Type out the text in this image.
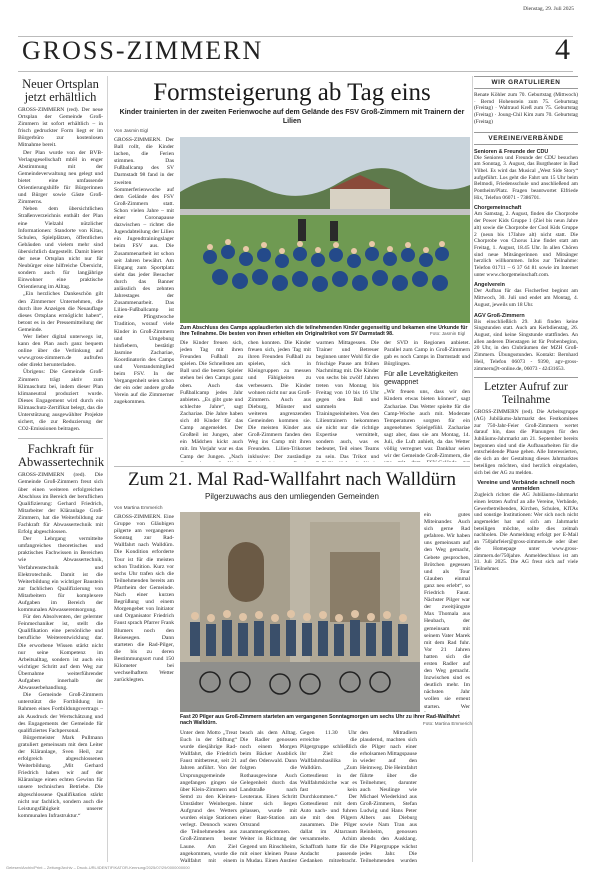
Dienstag, 29. Juli 2025
GROSS-ZIMMERN	4
Neuer Ortsplan jetzt erhältlich
GROSS-ZIMMERN (red). Der neue Ortsplan der Gemeinde Groß-Zimmern ist sofort erhältlich – in frisch gedruckter Form liegt er im Bürgerbüro zur kostenlosen Mitnahme bereit.
Der Plan wurde von der BVB-Verlagsgesellschaft mbH in enger Abstimmung mit der Gemeindeverwaltung neu gelegt und bietet eine umfassende Orientierungshilfe für Bürgerinnen und Bürger sowie Gäste Groß-Zimmerns.
Neben dem übersichtlichen Straßenverzeichnis enthält der Plan eine Vielzahl nützlicher Informationen: Standorte von Kitas, Schulen, Spielplätzen, öffentlichen Gebäuden und vielem mehr sind übersichtlich dargestellt. Damit bietet der neue Ortsplan nicht nur für Neubürger eine hilfreiche Übersicht, sondern auch für langjährige Einwohner eine praktische Orientierung im Alltag.
„Ein herzliches Dankeschön gilt den Zimmerner Unternehmen, die durch ihre Anzeigen die Neuauflage dieses Ortsplans ermöglicht haben“, betont es in der Pressemitteilung der Gemeinde.
Wer lieber digital unterwegs ist, kann den Plan auch ganz bequem online über die Verlinkung auf www.gross-zimmern.de aufrufen oder direkt herunterladen.
Übrigens: Die Gemeinde Groß-Zimmern trägt aktiv zum Klimaschutz bei, indem dieser Plan klimaneutral produziert wurde. Dieses Engagement wird durch ein Klimaschutz-Zertifikat belegt, das die Unterstützung ausgewählter Projekte sichert, die zur Reduzierung der CO2-Emissionen beitragen.
Fachkraft für Abwassertechnik
GROSS-ZIMMERN (red). Die Gemeinde Groß-Zimmern freut sich über einen weiteren erfolgreichen Abschluss im Bereich der beruflichen Qualifizierung: Gerhard Friedrich, Mitarbeiter der Kläranlage Groß-Zimmern, hat die Weiterbildung zur Fachkraft für Abwassertechnik mit Erfolg abgeschlossen.
Der Lehrgang vermittelte umfangreiches theoretisches und praktisches Fachwissen in Bereichen wie Abwassertechnik, Verfahrenstechnik und Elektrotechnik. Damit ist die Weiterbildung ein wichtiger Baustein zur fachlichen Qualifizierung von Mitarbeitern für komplexere Aufgaben im Bereich der kommunalen Abwasserentsorgung.
Für den Absolventen, der gelernter Feinmechaniker ist, stellt die Qualifikation eine persönliche und berufliche Weiterentwicklung dar. Die erworbene Wissen stärkt nicht nur seine Kompetenz im Arbeitsalltag, sondern ist auch ein wichtiger Schritt auf dem Weg zur Übernahme weiterführender Aufgaben innerhalb der Abwasserbehandlung.
Die Gemeinde Groß-Zimmern unterstützt die Fortbildung im Rahmen eines Fortbildungsvertrags – als Ausdruck der Wertschätzung und des Engagements der Gemeinde für qualifiziertes Fachpersonal.
Bürgermeister Mark Pullmann gratuliert gemeinsam mit dem Leiter der Kläranlage, Sven Heil, zur erfolgreich abgeschlossenen Weiterbildung. „Mit Gerhard Friedrich haben wir auf der Kläranlage einen echten Gewinn für unsere technischen Betriebe. Die abgeschlossene Qualifikation stärkt nicht nur fachlich, sondern auch die Leistungsfähigkeit unserer kommunalen Infrastruktur.“
Formsteigerung ab Tag eins
Kinder trainierten in der zweiten Ferienwoche auf dem Gelände des FSV Groß-Zimmern mit Trainern der Lilien
Von Jasmin Eigl
GROSS-ZIMMERN. Der Ball rollt, die Kinder lachen, die Ferien stimmen. Das Fußballcamp des SV Darmstadt 98 fand in der zweiten Sommerferienwoche auf dem Gelände des FSV Groß-Zimmern statt. Schon vielen Jahre – mit einer Coronapause dazwischen – richtet die Jugendabteilung der Lilien ein Jugendtrainingslager beim FSV aus. Die Zusammenarbeit ist schon seit Jahren bewährt. Am Eingang zum Sportplatz sieht das jeder Besucher durch das Banner anlässlich des zehnten Jahrestages der Zusammenarbeit. Das Lilien-Fußballcamp ist eine Pfingstwoche Tradition, worauf viele Kinder in Groß-Zimmern und Umgebung hinfiebern, bestätigt Jasmine Zachariae, Koordinatorin des Camps und Vorstandsmitglied beim FSV. In der Vergangenheit seien schon der ein oder andere große Verein auf die Zimmerner zugekommen.
Zum Abschluss des Camps applaudierten sich die teilnehmenden Kinder gegenseitig und bekamen eine Urkunde für ihre Teilnahme. Die besten von ihnen erhielten ein Originaltrikot vom SV Darmstadt 98.	Foto: Jasmin Eigl
Die Kinder freuen sich, jeden Tag mit ihren Freunden Fußball zu spielen. Die Schnellsten am Ball und die besten Spieler stehen bei den Camps ganz oben. Auch das Fußballcamp jedes Jahr anbieten. „Es gibt gute und schlechte Jahre“, sagt Zachariae. Die Jahre haben sich 40 Kinder für das Camp angemeldet. Der Großteil ist Jungen, aber ein Mädchen kickt auch mit. Im Vorjahr war es das Camp der Jungen. „Nach
chen konnten. Die Kinder freuen sich, jeden Tag mit ihren Freunden Fußball zu spielen, sich in Kleingruppen zu messen und Fähigkeiten zu verbessern. Die Kinder wohnen nicht nur aus Groß-Zimmern. Auch aus Dieburg, Münster und weiteren angrenzenden Gemeinden kommen sie. Die meisten Kinder aus Groß-Zimmern fanden den Weg ins Camp mit ihren Freunden. Lilien-Trikotset inklusive: Der zuständige
warmen Mittagessen. Die Trainer und Betreuer beginnen unter Wohl für die frischige Pause am frühen Nachmittag mit. Die Kinder von sechs bis zwölf Jahren treten von Montag bis Freitag von 10 bis 16 Uhr gegen den Ball und sammeln Trainingseinheiten. Von den Lilientrainern bekommen sie nicht nur die richtige Expertise vermittelt, sondern auch, was es bedeutet, Teil eines Teams zu sein. Das Trikot und
der SVD in Regionen anbietet. Parallel zum Camp in Groß-Zimmern gab es noch Camps in Darmstadt und Bürglingen.
Für alle Leveltätigkeiten gewappnet
„Wir freuen uns, dass wir den Kindern etwas bieten können“, sagt Zachariae. Das Wetter spielte für die Camp-Woche auch mit. Moderate Temperaturen sorgten für ein angenehmes Spielgefühl. Zachariae sagt aber, dass sie am Montag, 14. Juli, die Luft anhielt, da das Wetter völlig verregnet war. Dankbar seien wir der Gemeinde Groß-Zimmern, die
Zum 21. Mal Rad-Wallfahrt nach Walldürn
Pilgerzuwachs aus den umliegenden Gemeinden
Von Martina Emmerich
GROSS-ZIMMERN. Eine Gruppe von Gläubigen pilgerte am vergangenen Sonntag zur Rad-Wallfahrt nach Walldürn. Die Kondition erforderte Tour ist für die meisten schon Tradition. Kurz vor sechs Uhr trafen sich die Teilnehmenden bereits am Pfarrheim der Gemeinde. Nach einer kurzen Begrüßung und einem Morgengebet von Initiator und Organisator Friedrich Faust sprach Pfarrer Frank Blumers noch den Reisesegen. Dann starteten die Rad-Pilger, die bis zu deren Bestimmungsort rund 150 Kilometer bei wechselhaftem Wetter zurücklegten.
Fast 20 Pilger aus Groß-Zimmern starteten am vergangenen Sonntagmorgen um sechs Uhr zu ihrer Rad-Wallfahrt nach Walldürn.	Foto: Martina Emmerich
ein gutes Miteinander. Auch sich gerne Rad gefahren. Wir haben uns gemeinsam auf den Weg gemacht, Gebete gesprochen, Brötchen gegessen und als Tour Glauben einmal ganz neu erlebt“, so Friedrich Faust. Nächster Pilger war der zweitjüngste Max Thomala aus Heubach, der gemeinsam mit seinem Vater Marek mit dem Rad fuhr. Vor 21 Jahren hatten sich die ersten Radler auf den Weg gemacht. Inzwischen sind es deutlich mehr. Im nächsten Jahr wollen sie erneut starten. Wer
Unter dem Motto „Treat Euch in der Stiftung“ wurde diesjährige Rad-Wallfahrt, die Friedrich Faust mitbetreut, seit 21 Jahren anführt. Von der Ursprungsgemeinde angefangen gingen sie über Klein-Zimmern und Semd zu den Kleinen-Umstädter Weinbergen. Aufgrund des Wetters wurden einige Stationen verlegt. Dennoch waren die Teilnehmenden aus Groß-Zimmern bester Laune. Am Ziel angekommen, wurde die Wallfahrt mit einem
beach als dem Alltag. Die Radler genossen noch einem Morgen beim Bäcker Ausblick auf den Odenwald. Dann folgten die Rothausgewinne Auch Gelegenheit durch das Landstraße nach Leuteraus. Einen Schritt hinter sich liegen gelassen, wurde mit einer Rast-Station am Ortsrand zusammengekommen. Weiter in Richtung der Gegend um Rinschheim, mit einer kleinen Pause in Mudau. Einen Anstieg
Gegen 11.30 Uhr erreichte die Pilgergruppe schließlich ihr Ziel: die Wallfahrtsbasilika in Walldürn. „Zum Gottesdienst in der Wallfahrtskirche war es fast kein Durchkommen.“ Der Gottesdienst mit dem Auto nach- und fuhren sie mit den Pilgern zusammen. Die Pilger dallat im Altarraum versammelte. Achim Schaffrath hatte für die Andacht passende Gedanken mitgebracht.
den Mitradlern plaudernd, machten sich die Pilger nach einer erholsamen Mittagspause wieder auf den Heimweg. Die Heimfahrt führte über die Teilnehmer, darunter auch Neulinge wie Michael Wiederkind aus Groß-Zimmern, Stefan Ludwig und Hans Peter Albers aus Dieburg sowie Nam Tran aus Reinheim, genossen abends den Ausklang. Die Pilgergruppe wächst jedes Jahr. Die Teilnehmenden wurden
WIR GRATULIEREN
Renate Köhler zum 70. Geburtstag (Mittwoch) · Bernd Hohenstein zum 75. Geburtstag (Freitag) · Waltraud Kreß zum 75. Geburtstag (Freitag) · Joung-Chil Kim zum 70. Geburtstag (Freitag)
VEREINE/VERBÄNDE
Senioren & Freunde der CDU
Die Senioren und Freunde der CDU besuchen am Sonntag, 3. August, das Burgtheater in Bad Vilbel. Es wird das Musical „West Side Story“ aufgeführt. Los geht die Fahrt um 15 Uhr beim Belmodi, Friedensschule und anschließend am Pontheim/Platz. Fragen beantwortet Elfriede Hix, Telefon 06071 - 7386701.
Chorgemeinschaft
Am Samstag, 2. August, finden die Chorprobe der Power Kids Gruppe 1 (Ziel bis neun Jahre alt) sowie die Chorprobe der Cool Kids Gruppe 2 (neun bis 17Jahre alt) nicht statt. Die Chorprobe von Chorus Line findet statt am Freitag, 1. August, 18.45 Uhr. In allen Chören sind neue Mitsängerinnen und Mitsänger herzlich willkommen. Infos zur Teilnahme: Telefon 01711 – 6 37 64 81 sowie im Internet unter www.chorgemeinschaft.com.
Angelverein
Der Aufbau für das Fischerfest beginnt am Mittwoch, 30. Juli und endet am Montag, 4. August, jeweils um 18 Uhr.
AGV Groß-Zimmern
Bis einschließlich 29. Juli finden keine Singstunden statt. Auch am Kerbdienstag, 26. August, sind keine Singstunde stattfinden. An allen anderen Dienstagen ist für Probenbeginn, 20 Uhr, in den Clubräumen der MZH Groß-Zimmern. Übungsstunden. Kontakt: Bernhard Heil, Telefon 06073 - 9390, agv-gross-zimmern@t-online.de, 06073 - 42431653.
Letzter Aufruf zur Teilnahme
GROSS-ZIMMERN (red). Die Arbeitsgruppe (AG) Jubiläums-Jahrmarkt des Festkomitees zur 750-Jahr-Feier Groß-Zimmern wertet darauf hin, dass die Planungen für den Jubiläums-Jahrmarkt am 21. September bereits begonnen sind und die Aufbauarbeiten für die entscheidende Phase gehen. Alle Interessierten, die sich an der Gestaltung dieses Jahrmarktes beteiligen möchten, sind herzlich eingeladen, sich bei der AG zu melden.
Vereine und Verbände schnell noch anmelden
Zugleich richtet die AG Jubiläums-Jahrmarkt einen letzten Aufruf an alle Vereine, Verbände, Gewerbetreibenden, Kirchen, Schulen, KITAs und sonstige Institutionen: Wer sich noch nicht angemeldet hat und sich am Jahrmarkt beteiligen möchte, sollte dies zeitnah nachholen. Die Anmeldung erfolgt per E-Mail an 750jahrfeier@gross-zimmern.de oder über die Homepage unter www.gross-zimmern.de/750jahre. Anmeldeschluss ist am 31. Juli 2025. Die AG freut sich auf viele Teilnehmer.
Gelesen/Archiv/Print – Zeitung/Archiv – Druck-URL/IDENTIFIKATOR-Kennung/2025/07/29/0000000000
